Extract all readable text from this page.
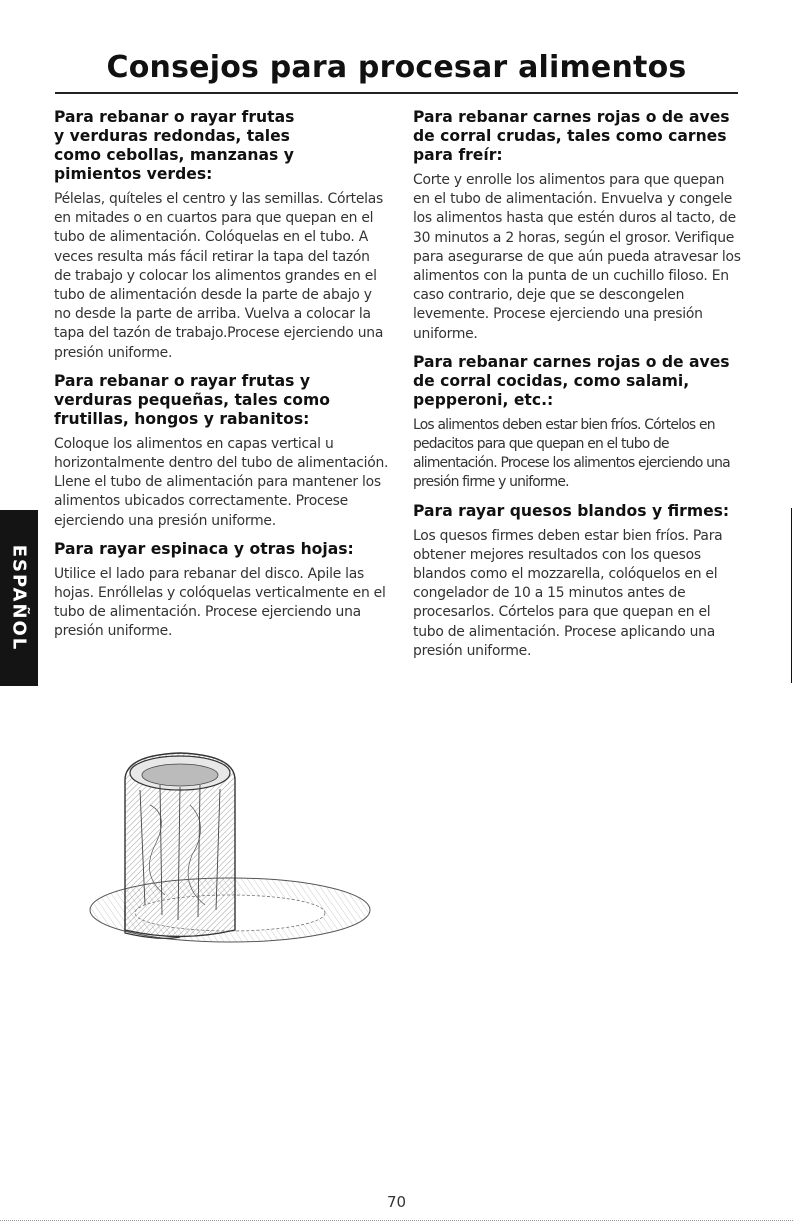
Consejos para procesar alimentos
Para rebanar o rayar frutas y verduras redondas, tales como cebollas, manzanas y pimientos verdes:

Pélelas, quíteles el centro y las semillas. Córtelas en mitades o en cuartos para que quepan en el tubo de alimentación. Colóquelas en el tubo. A veces resulta más fácil retirar la tapa del tazón de trabajo y colocar los alimentos grandes en el tubo de alimentación desde la parte de abajo y no desde la parte de arriba. Vuelva a colocar la tapa del tazón de trabajo.Procese ejerciendo una presión uniforme.

Para rebanar o rayar frutas y verduras pequeñas, tales como frutillas, hongos y rabanitos:

Coloque los alimentos en capas vertical u horizontalmente dentro del tubo de alimentación. Llene el tubo de alimentación para mantener los alimentos ubicados correctamente. Procese ejerciendo una presión uniforme.

Para rayar espinaca y otras hojas:

Utilice el lado para rebanar del disco. Apile las hojas. Enróllelas y colóquelas verticalmente en el tubo de alimentación. Procese ejerciendo una presión uniforme.

Para rebanar carnes rojas o de aves de corral crudas, tales como carnes para freír:

Corte y enrolle los alimentos para que quepan en el tubo de alimentación. Envuelva y congele los alimentos hasta que estén duros al tacto, de 30 minutos a 2 horas, según el grosor. Verifique para asegurarse de que aún pueda atravesar los alimentos con la punta de un cuchillo filoso. En caso contrario, deje que se descongelen levemente. Procese ejerciendo una presión uniforme.

Para rebanar carnes rojas o de aves de corral cocidas, como salami, pepperoni, etc.:

Los alimentos deben estar bien fríos. Córtelos en pedacitos para que quepan en el tubo de alimentación. Procese los alimentos ejerciendo una presión firme y uniforme.

Para rayar quesos blandos y firmes:

Los quesos firmes deben estar bien fríos. Para obtener mejores resultados con los quesos blandos como el mozzarella, colóquelos en el congelador de 10 a 15 minutos antes de procesarlos. Córtelos para que quepan en el tubo de alimentación. Procese aplicando una presión uniforme.

ESPAÑOL
70
